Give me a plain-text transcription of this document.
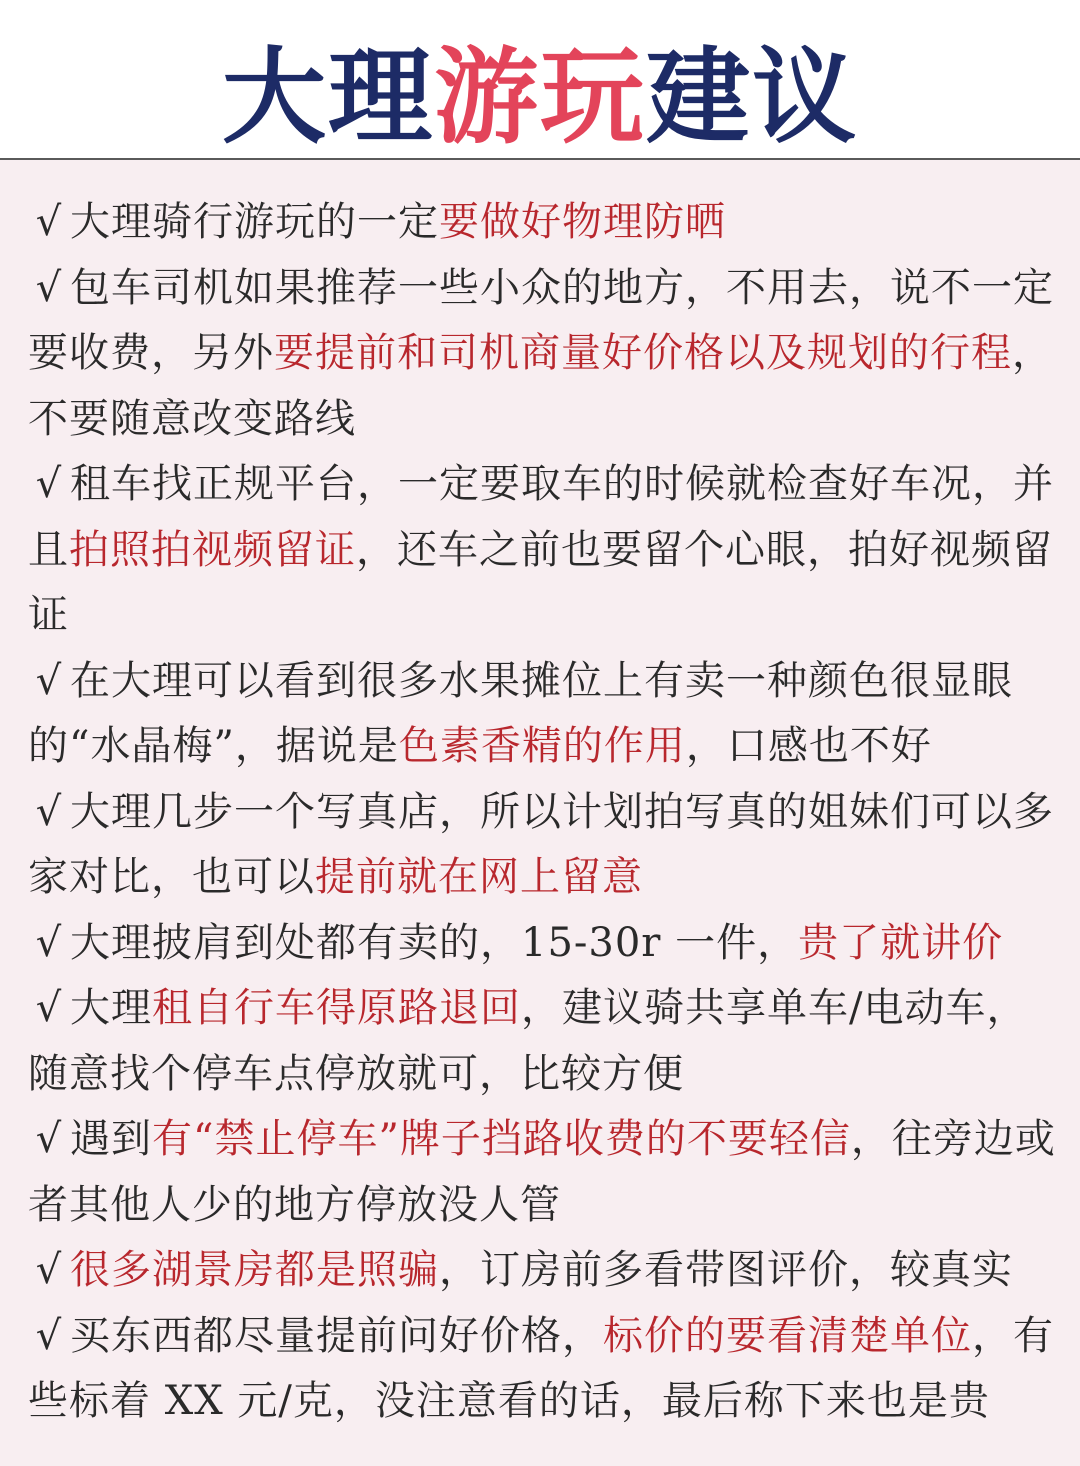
大理游玩建议
√ 大理骑行游玩的一定要做好物理防晒
√ 包车司机如果推荐一些小众的地方，不用去，说不一定要收费，另外要提前和司机商量好价格以及规划的行程，不要随意改变路线
√ 租车找正规平台，一定要取车的时候就检查好车况，并且拍照拍视频留证，还车之前也要留个心眼，拍好视频留证
√ 在大理可以看到很多水果摊位上有卖一种颜色很显眼的“水晶梅”，据说是色素香精的作用，口感也不好
√ 大理几步一个写真店，所以计划拍写真的姐妹们可以多家对比，也可以提前就在网上留意
√ 大理披肩到处都有卖的，15-30r 一件，贵了就讲价
√ 大理租自行车得原路退回，建议骑共享单车/电动车，随意找个停车点停放就可，比较方便
√ 遇到有“禁止停车”牌子挡路收费的不要轻信，往旁边或者其他人少的地方停放没人管
√ 很多湖景房都是照骗，订房前多看带图评价，较真实
√ 买东西都尽量提前问好价格，标价的要看清楚单位，有些标着 XX 元/克，没注意看的话，最后称下来也是贵
